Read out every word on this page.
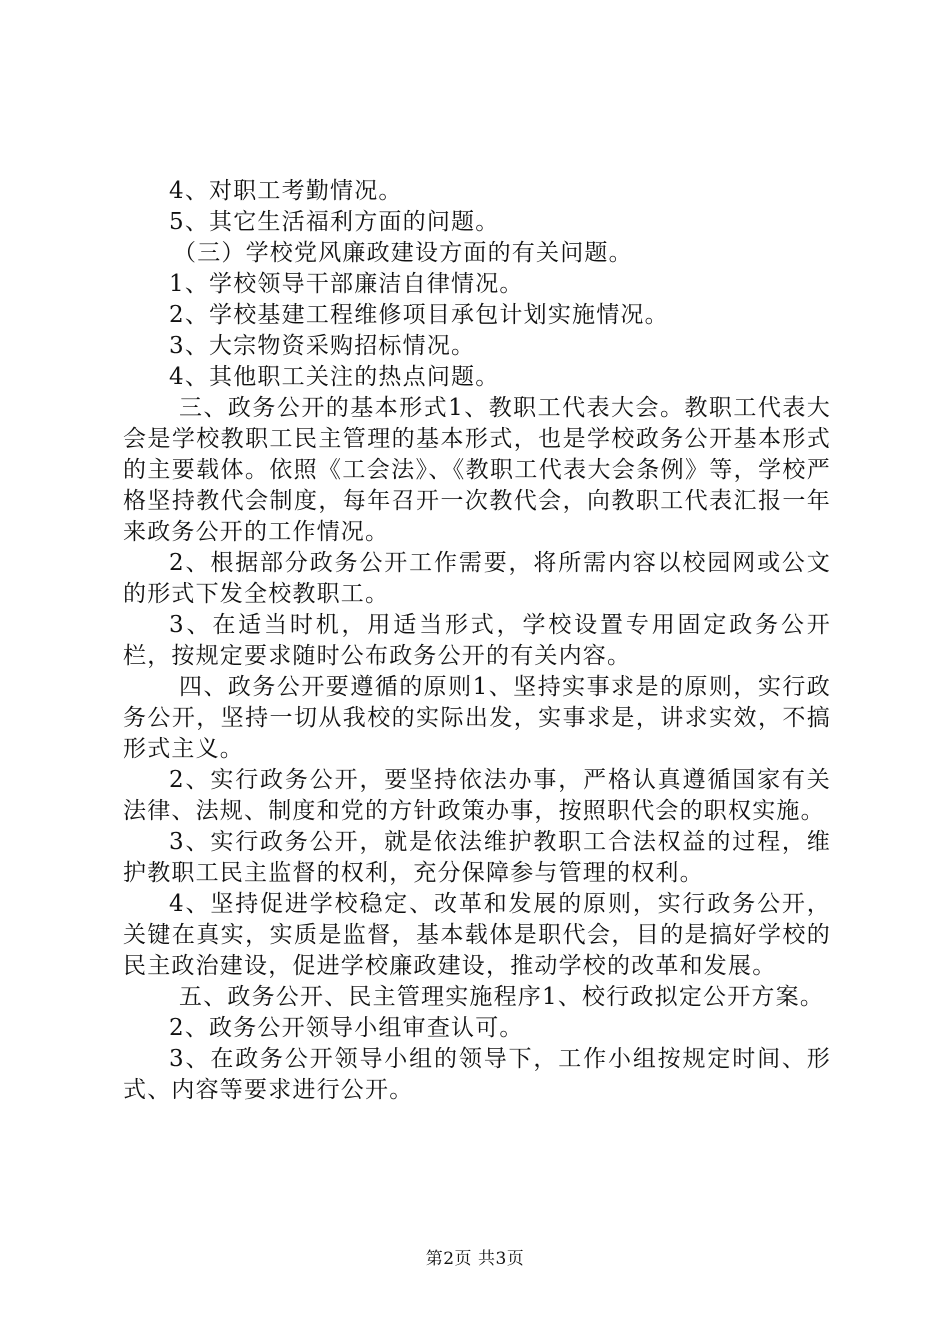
4、对职工考勤情况。

5、其它生活福利方面的问题。

（三）学校党风廉政建设方面的有关问题。

1、学校领导干部廉洁自律情况。

2、学校基建工程维修项目承包计划实施情况。

3、大宗物资采购招标情况。

4、其他职工关注的热点问题。

三、政务公开的基本形式1、教职工代表大会。教职工代表大会是学校教职工民主管理的基本形式，也是学校政务公开基本形式的主要载体。依照《工会法》、《教职工代表大会条例》等，学校严格坚持教代会制度，每年召开一次教代会，向教职工代表汇报一年来政务公开的工作情况。

2、根据部分政务公开工作需要，将所需内容以校园网或公文的形式下发全校教职工。

3、在适当时机，用适当形式，学校设置专用固定政务公开栏，按规定要求随时公布政务公开的有关内容。

四、政务公开要遵循的原则1、坚持实事求是的原则，实行政务公开，坚持一切从我校的实际出发，实事求是，讲求实效，不搞形式主义。

2、实行政务公开，要坚持依法办事，严格认真遵循国家有关法律、法规、制度和党的方针政策办事，按照职代会的职权实施。

3、实行政务公开，就是依法维护教职工合法权益的过程，维护教职工民主监督的权利，充分保障参与管理的权利。

4、坚持促进学校稳定、改革和发展的原则，实行政务公开，关键在真实，实质是监督，基本载体是职代会，目的是搞好学校的民主政治建设，促进学校廉政建设，推动学校的改革和发展。

五、政务公开、民主管理实施程序1、校行政拟定公开方案。

2、政务公开领导小组审查认可。

3、在政务公开领导小组的领导下，工作小组按规定时间、形式、内容等要求进行公开。

第2页 共3页
